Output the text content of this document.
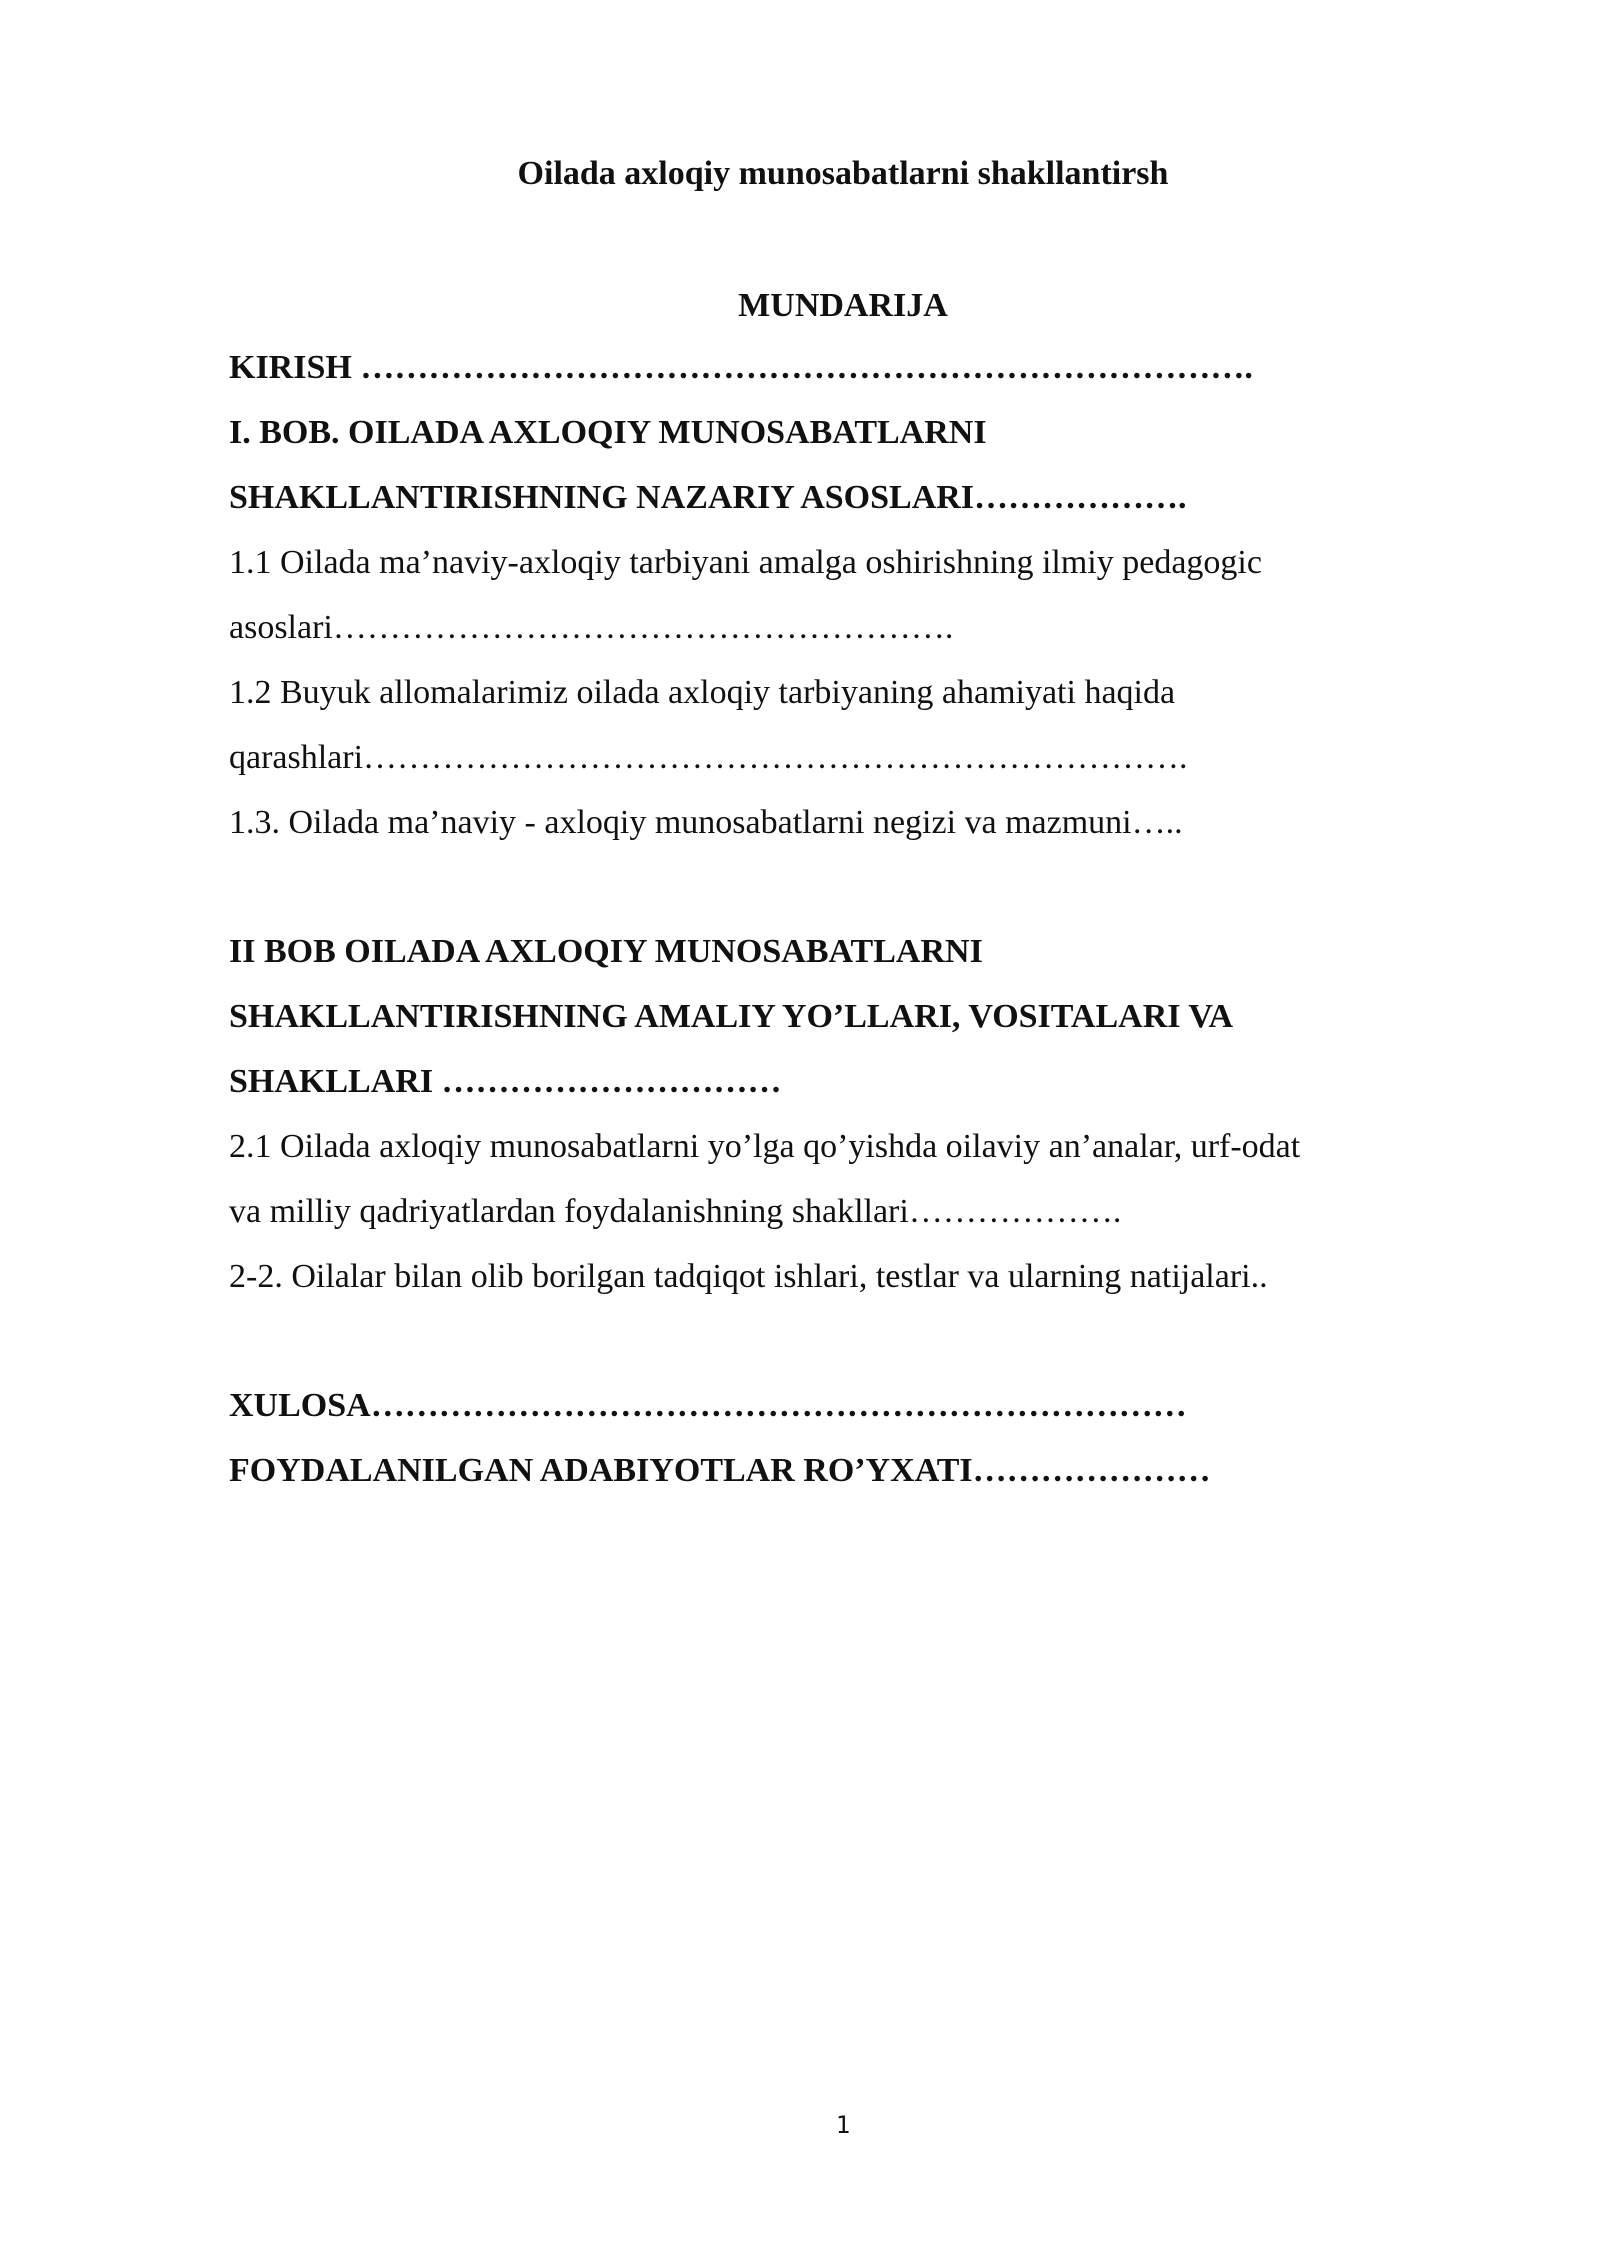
Oilada axloqiy munosabatlarni shakllantirsh
MUNDARIJA
KIRISH …………………………………………………………………….
I. BOB. OILADA AXLOQIY MUNOSABATLARNI
SHAKLLANTIRISHNING NAZARIY ASOSLARI……………….
1.1 Oilada ma’naviy-axloqiy tarbiyani amalga oshirishning ilmiy pedagogic
asoslari……………………………………………….
1.2 Buyuk allomalarimiz oilada axloqiy tarbiyaning ahamiyati haqida
qarashlari……………………………………………………………….
1.3. Oilada ma’naviy - axloqiy munosabatlarni negizi va mazmuni…..
II BOB OILADA AXLOQIY MUNOSABATLARNI
SHAKLLANTIRISHNING AMALIY YO’LLARI, VOSITALARI VA
SHAKLLARI …………………………
2.1 Oilada axloqiy munosabatlarni yo’lga qo’yishda oilaviy an’analar, urf-odat
va milliy qadriyatlardan foydalanishning shakllari……………….
2-2. Oilalar bilan olib borilgan tadqiqot ishlari, testlar va ularning natijalari..
XULOSA………………………………………………………………
FOYDALANILGAN ADABIYOTLAR RO’YXATI…………………
1
